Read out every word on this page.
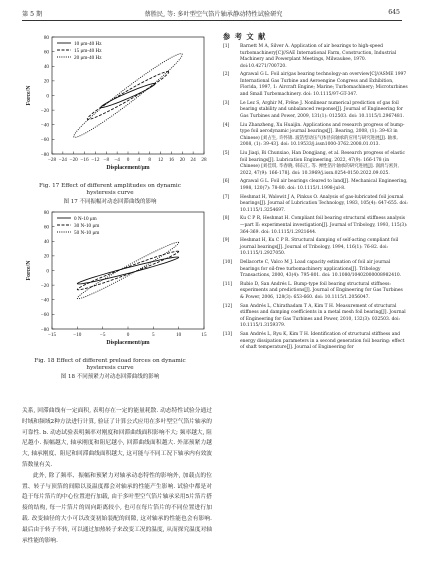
第 5 期	蔡胜民, 等: 多叶型空气箔片轴承静动特性试验研究	645
−28 −24 −20 −16 −12 −8 −4 0 4 8 12 16 20 24 28
80
60
40
20
0
−20
−40
−60
−80
Displacement/μm
Force/N
10 μm-40 Hz
15 μm-40 Hz
20 μm-40 Hz
Fig. 17 Effect of different amplitudes on dynamic
hysteresis curve
图 17 不同振幅对动态回滞曲线的影响
−15	−10	−5	0	5	10	15
80
60
40
20
0
−20
−40
−60
−80
Displacement/μm
Force/N
0 N-10 μm
30 N-10 μm
50 N-10 μm
Fig. 18 Effect of different preload forces on dynamic
hysteresis curve
图 18 不同预紧力对动态回滞曲线的影响

关系, 回滞曲线有一定面积, 表明存在一定的能量耗散. 动态特性试验分通过时域和频域2种方法进行计算, 验证了计算公式应用在多叶型空气箔片轴承的可靠性. b. 动态试验表明频率对刚度和回滞曲线面积影响不大; 频率越大, 阻尼越小. 振幅越大, 轴承刚度和阻尼越小, 回滞曲线面积越大. 外部预紧力越大, 轴承刚度、阻尼和回滞曲线面积越大, 这可能与不同工况下轴承内有效波箔数量有关.

此外, 除了频率、振幅和预紧力对轴承动态特性的影响外, 加载点的位置、转子与顶箔的间隙以及温度都会对轴承的性能产生影响. 试验中都是对趋于每片箔片的中心位置进行加载, 由于多叶型空气箔片轴承采用5片箔片搭接的结构, 每一片箔片的周向距离较小, 也可在每片箔片的不同位置进行加载. 改变轴径的大小可以改变初始装配的间隙, 这对轴承的性能也会有影响. 最后由于转子不转, 可以通过加热转子来改变工况的温度, 从而探究温度对轴承性能的影响.

参 考 文 献
[1] Barnett M A, Silver A. Application of air bearings to high-speed turbomachinery[C]//SAE International Farm, Construction, Industrial Machinery and Powerplant Meetings, Milwaukee, 1970. doi:10.4271/700720.
[2] Agrawal G L. Foil air/gas bearing technology-an overview[C]//ASME 1997 International Gas Turbine and Aeroengine Congress and Exhibition, Florida, 1997, 1: Aircraft Engine; Marine; Turbomachinery; Microturbines and Small Turbomachinery. doi: 10.1115/97-GT-347.
[3] Le Lez S, Arghir M, Frêne J. Nonlinear numerical prediction of gas foil bearing stability and unbalanced response[J]. Journal of Engineering for Gas Turbines and Power, 2009, 131(1): 012503. doi: 10.1115/1.2967481.
[4] Liu Zhanzheng, Xu Huaijin. Applications and research progress of bump-type foil aerodynamic journal bearings[J]. Bearing, 2008, (1): 39-43 in Chinese) [刘占生, 许怀锦. 波箔型动压气体径向轴承的应用与研究进展[J]. 轴承, 2008, (1): 39-43]. doi: 10.19533/j.issn1000-3762.2008.01.013.
[5] Liu Jiaqi, Bi Chunxiao, Han Dongjiang, et al. Research progress of elastic foil bearings[J]. Lubrication Engineering, 2022, 47(9): 166-178 (in Chinese) [刘佳琪, 毕春晓, 韩东江, 等. 弹性箔片轴承的研究进展[J]. 润滑与密封, 2022, 47(9): 166-178]. doi: 10.3969/j.issn.0254-0150.2022.09.025.
[6] Agrawal G L. Foil air bearings cleared to land[J]. Mechanical Engineering, 1998, 120(7): 78-80. doi: 10.1115/1.1998-jul-8.
[7] Heshmat H, Walowit J A, Pinkus O. Analysis of gas-lubricated foil journal bearings[J]. Journal of Lubrication Technology, 1983, 105(4): 647-655. doi: 10.1115/1.3254697.
[8] Ku C P R, Heshmat H. Compliant foil bearing structural stiffness analysis—part II: experimental investigation[J]. Journal of Tribology, 1993, 115(3): 364-369. doi: 10.1115/1.2921644.
[9] Heshmat H, Ku C P R. Structural damping of self-acting compliant foil journal bearings[J]. Journal of Tribology, 1994, 116(1): 76-82. doi: 10.1115/1.2927050.
[10] Dellacorte C, Valco M J. Load capacity estimation of foil air journal bearings for oil-free turbomachinery applications[J]. Tribology Transactions, 2000, 43(4): 795-801. doi: 10.1080/10402000008982410.
[11] Rubio D, San Andrés L. Bump-type foil bearing structural stiffness: experiments and predictions[J]. Journal of Engineering for Gas Turbines & Power, 2006, 128(3): 653-660. doi: 10.1115/1.2056047.
[12] San Andrés L, Chirathadam T A, Kim T H. Measurement of structural stiffness and damping coefficients in a metal mesh foil bearing[J]. Journal of Engineering for Gas Turbines and Power, 2010, 132(3): 032503. doi: 10.1115/1.3159379.
[13] San Andrés L, Ryu K, Kim T H. Identification of structural stiffness and energy dissipation parameters in a second generation foil bearing: effect of shaft temperature[J]. Journal of Engineering for
